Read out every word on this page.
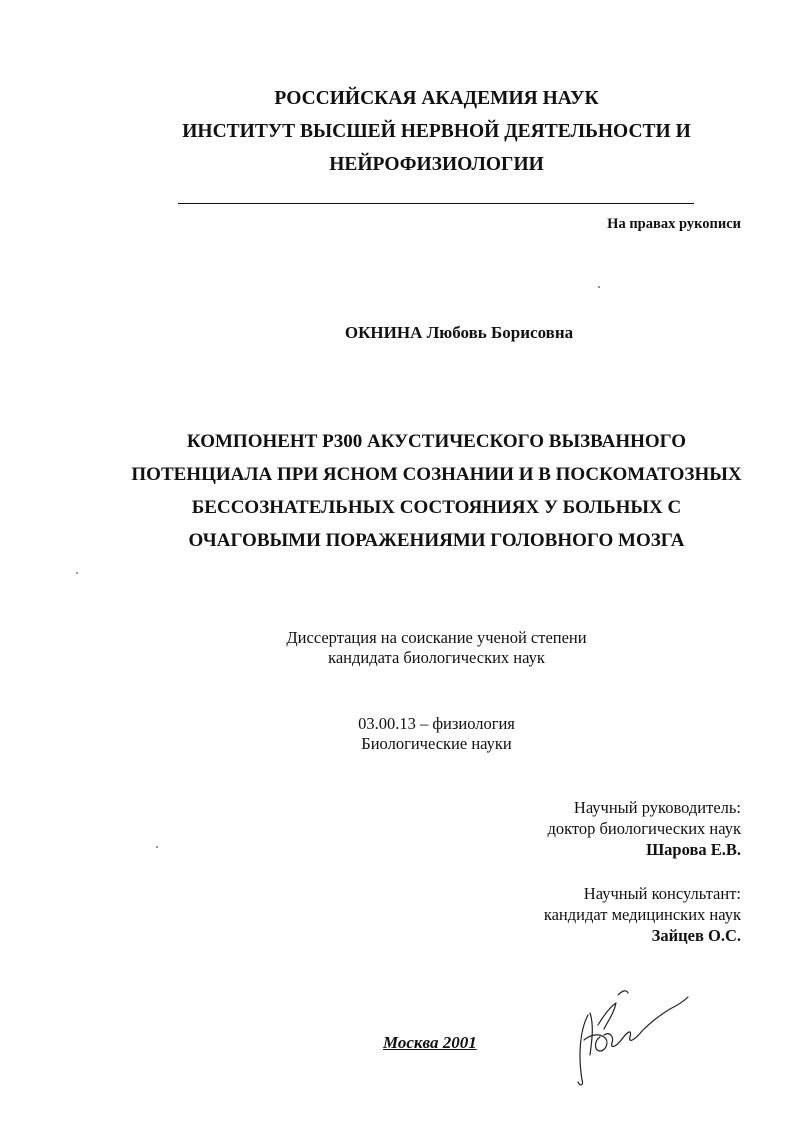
РОССИЙСКАЯ АКАДЕМИЯ НАУК
ИНСТИТУТ ВЫСШЕЙ НЕРВНОЙ ДЕЯТЕЛЬНОСТИ И
НЕЙРОФИЗИОЛОГИИ
На правах рукописи
ОКНИНА Любовь Борисовна
КОМПОНЕНТ Р300 АКУСТИЧЕСКОГО ВЫЗВАННОГО
ПОТЕНЦИАЛА ПРИ ЯСНОМ СОЗНАНИИ И В ПОСКОМАТОЗНЫХ
БЕССОЗНАТЕЛЬНЫХ СОСТОЯНИЯХ У БОЛЬНЫХ С
ОЧАГОВЫМИ ПОРАЖЕНИЯМИ ГОЛОВНОГО МОЗГА
Диссертация на соискание ученой степени
кандидата биологических наук
03.00.13 – физиология
Биологические науки
Научный руководитель:
доктор биологических наук
Шарова Е.В.
Научный консультант:
кандидат медицинских наук
Зайцев О.С.
Москва 2001
